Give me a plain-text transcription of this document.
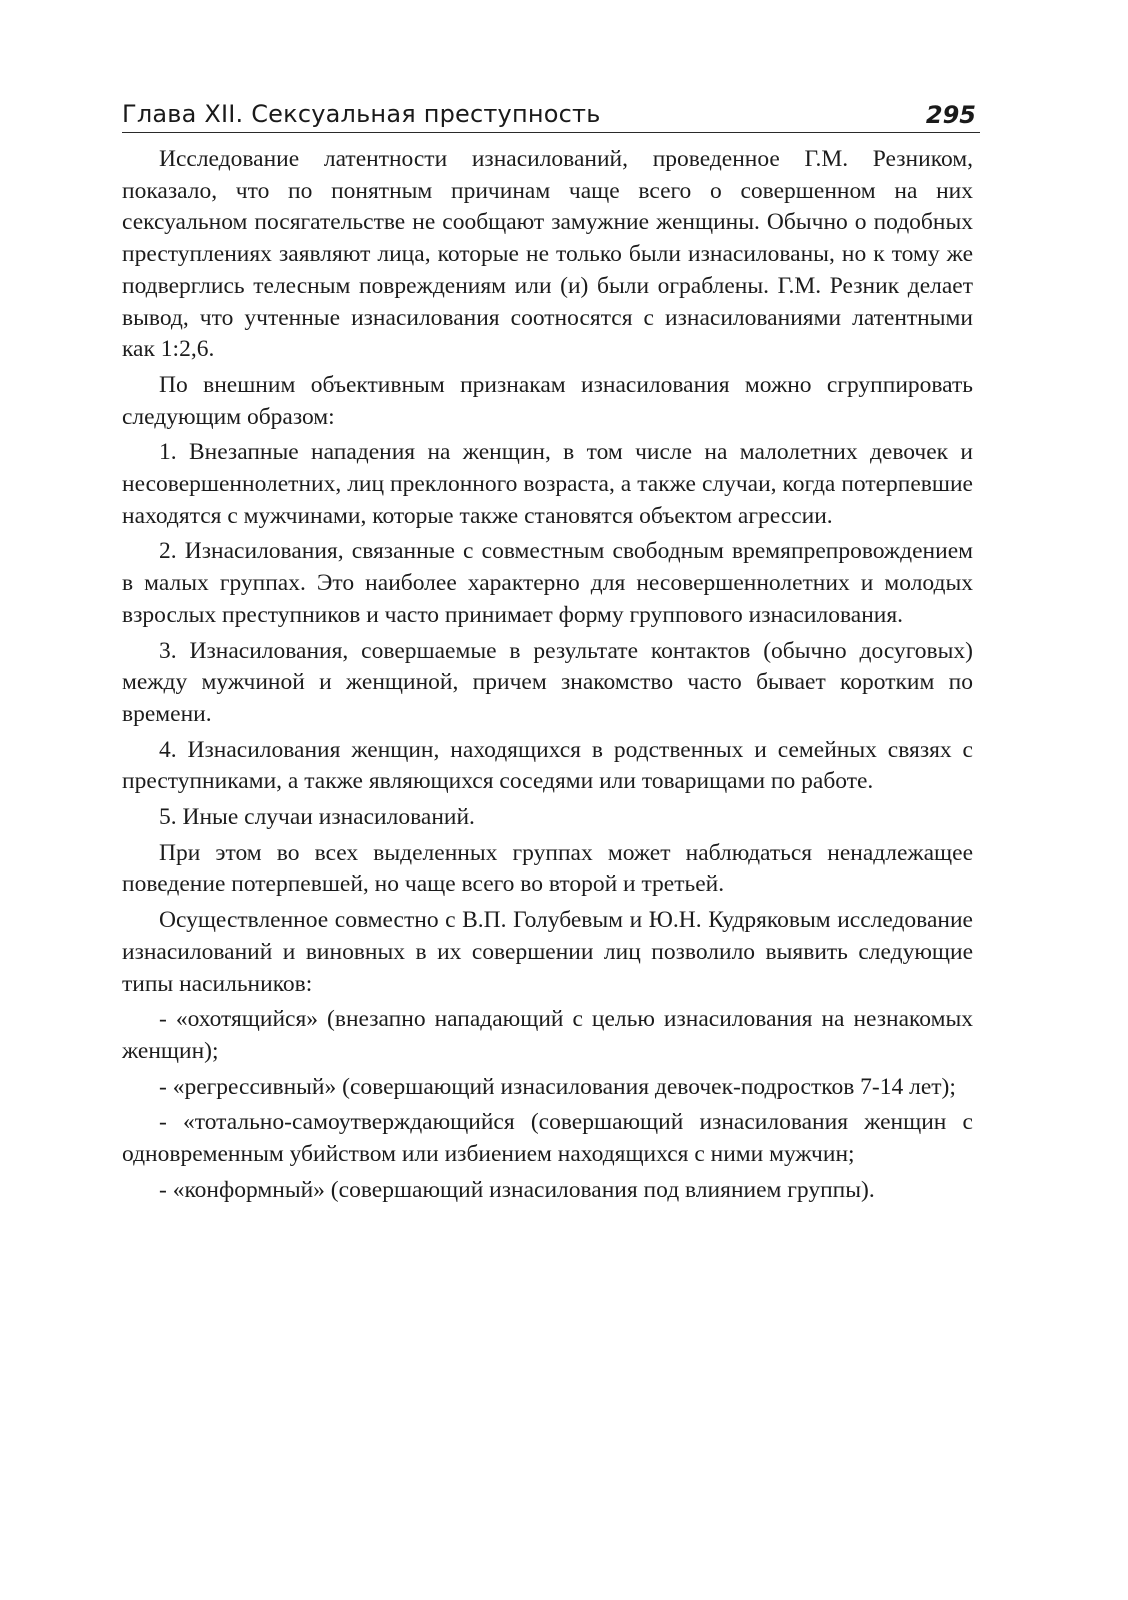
Глава XII. Сексуальная преступность	295

Исследование латентности изнасилований, проведенное Г.М. Резником, показало, что по понятным причинам чаще всего о совершенном на них сексуальном посягательстве не сообщают замужние женщины. Обычно о подобных преступлениях заявляют лица, которые не только были изнасилованы, но к тому же подверглись телесным повреждениям или (и) были ограблены. Г.М. Резник делает вывод, что учтенные изнасилования соотносятся с изнасилованиями латентными как 1:2,6.

По внешним объективным признакам изнасилования можно сгруппировать следующим образом:

1. Внезапные нападения на женщин, в том числе на малолетних девочек и несовершеннолетних, лиц преклонного возраста, а также случаи, когда потерпевшие находятся с мужчинами, которые также становятся объектом агрессии.

2. Изнасилования, связанные с совместным свободным времяпрепровождением в малых группах. Это наиболее характерно для несовершеннолетних и молодых взрослых преступников и часто принимает форму группового изнасилования.

3. Изнасилования, совершаемые в результате контактов (обычно досуговых) между мужчиной и женщиной, причем знакомство часто бывает коротким по времени.

4. Изнасилования женщин, находящихся в родственных и семейных связях с преступниками, а также являющихся соседями или товарищами по работе.

5. Иные случаи изнасилований.

При этом во всех выделенных группах может наблюдаться ненадлежащее поведение потерпевшей, но чаще всего во второй и третьей.

Осуществленное совместно с В.П. Голубевым и Ю.Н. Кудряковым исследование изнасилований и виновных в их совершении лиц позволило выявить следующие типы насильников:

- «охотящийся» (внезапно нападающий с целью изнасилования на незнакомых женщин);

- «регрессивный» (совершающий изнасилования девочек-подростков 7-14 лет);

- «тотально-самоутверждающийся (совершающий изнасилования женщин с одновременным убийством или избиением находящихся с ними мужчин;

- «конформный» (совершающий изнасилования под влиянием группы).
